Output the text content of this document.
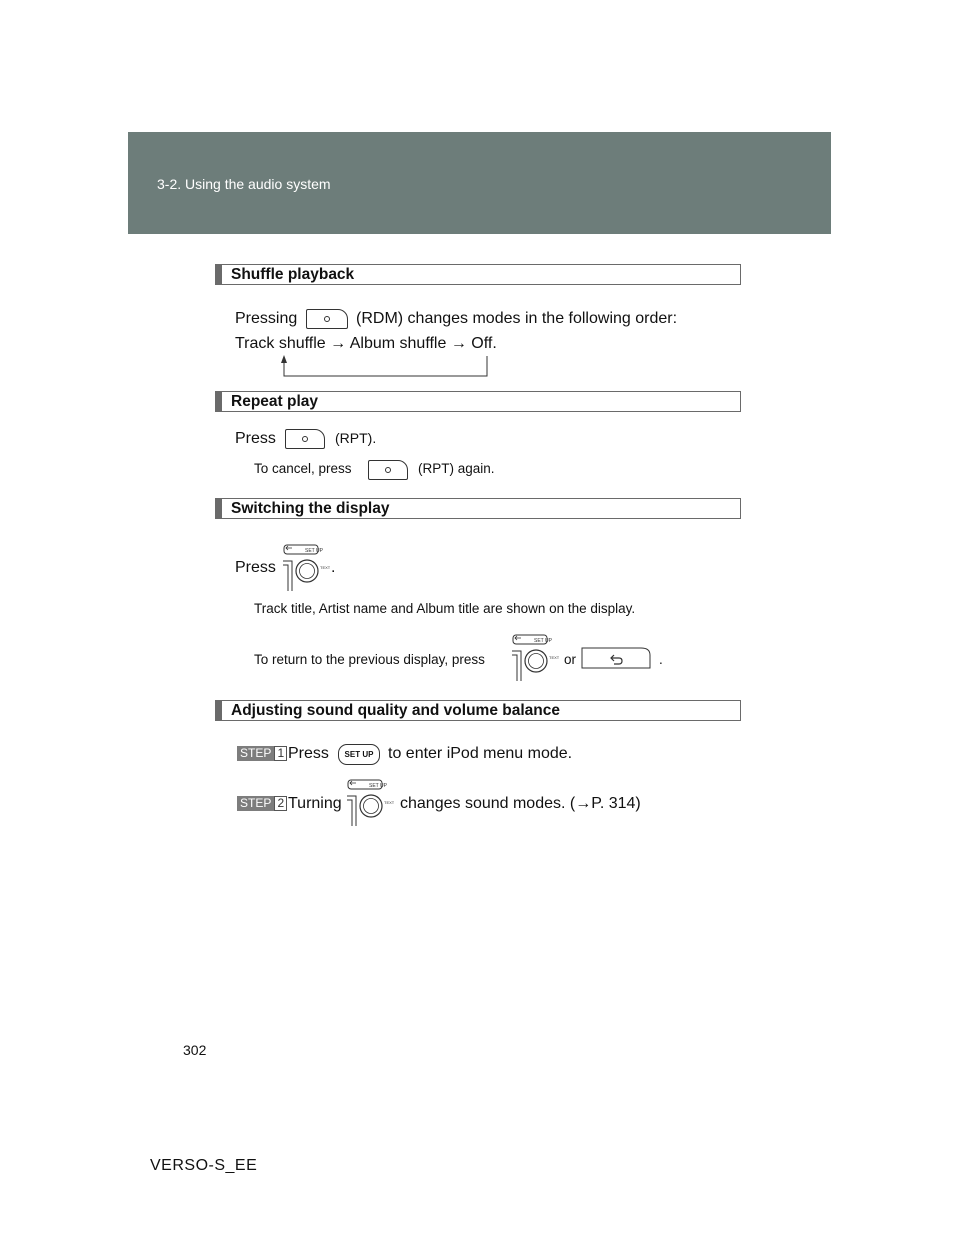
3-2. Using the audio system
Shuffle playback
Pressing	(RDM) changes modes in the following order:
Track shuffle → Album shuffle → Off.
Repeat play
Press	(RPT).
To cancel, press	(RPT) again.
Switching the display
Press
SET UP
TEXT .
Track title, Artist name and Album title are shown on the display.
To return to the previous display, press
SET UP
TEXT or	.
Adjusting sound quality and volume balance
STEP 1 Press	SET UP to enter iPod menu mode.
STEP 2 Turning
SET UP
TEXT changes sound modes. (→P. 314)
302
VERSO-S_EE
